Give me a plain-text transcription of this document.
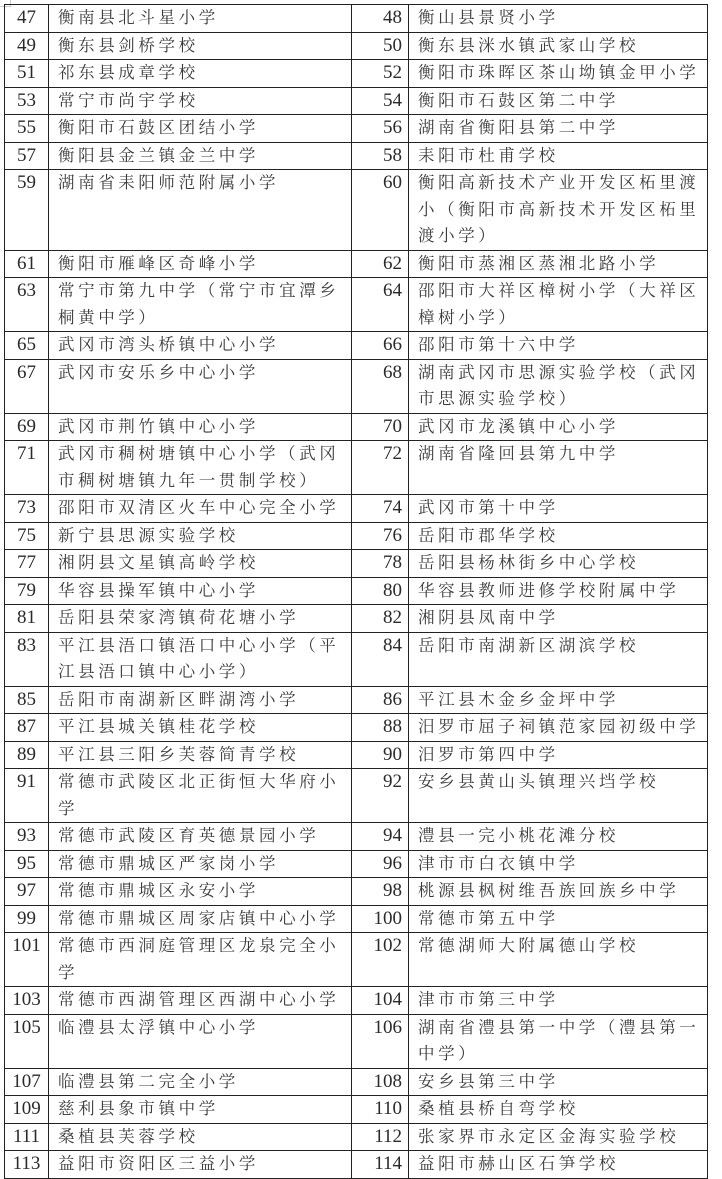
47	衡南县北斗星小学	48	衡山县景贤小学
49	衡东县剑桥学校	50	衡东县洣水镇武家山学校
51	祁东县成章学校	52	衡阳市珠晖区茶山坳镇金甲小学
53	常宁市尚宇学校	54	衡阳市石鼓区第二中学
55	衡阳市石鼓区团结小学	56	湖南省衡阳县第二中学
57	衡阳县金兰镇金兰中学	58	耒阳市杜甫学校
59	湖南省耒阳师范附属小学	60	衡阳高新技术产业开发区柘里渡小（衡阳市高新技术开发区柘里渡小学）
61	衡阳市雁峰区奇峰小学	62	衡阳市蒸湘区蒸湘北路小学
63	常宁市第九中学（常宁市宜潭乡桐黄中学）	64	邵阳市大祥区樟树小学（大祥区樟树小学）
65	武冈市湾头桥镇中心小学	66	邵阳市第十六中学
67	武冈市安乐乡中心小学	68	湖南武冈市思源实验学校（武冈市思源实验学校）
69	武冈市荆竹镇中心小学	70	武冈市龙溪镇中心小学
71	武冈市稠树塘镇中心小学（武冈市稠树塘镇九年一贯制学校）	72	湖南省隆回县第九中学
73	邵阳市双清区火车中心完全小学	74	武冈市第十中学
75	新宁县思源实验学校	76	岳阳市郡华学校
77	湘阴县文星镇高岭学校	78	岳阳县杨林街乡中心学校
79	华容县操军镇中心小学	80	华容县教师进修学校附属中学
81	岳阳县荣家湾镇荷花塘小学	82	湘阴县凤南中学
83	平江县浯口镇浯口中心小学（平江县浯口镇中心小学）	84	岳阳市南湖新区湖滨学校
85	岳阳市南湖新区畔湖湾小学	86	平江县木金乡金坪中学
87	平江县城关镇桂花学校	88	汨罗市屈子祠镇范家园初级中学
89	平江县三阳乡芙蓉简青学校	90	汨罗市第四中学
91	常德市武陵区北正街恒大华府小学	92	安乡县黄山头镇理兴垱学校
93	常德市武陵区育英德景园小学	94	澧县一完小桃花滩分校
95	常德市鼎城区严家岗小学	96	津市市白衣镇中学
97	常德市鼎城区永安小学	98	桃源县枫树维吾族回族乡中学
99	常德市鼎城区周家店镇中心小学	100	常德市第五中学
101	常德市西洞庭管理区龙泉完全小学	102	常德湖师大附属德山学校
103	常德市西湖管理区西湖中心小学	104	津市市第三中学
105	临澧县太浮镇中心小学	106	湖南省澧县第一中学（澧县第一中学）
107	临澧县第二完全小学	108	安乡县第三中学
109	慈利县象市镇中学	110	桑植县桥自弯学校
111	桑植县芙蓉学校	112	张家界市永定区金海实验学校
113	益阳市资阳区三益小学	114	益阳市赫山区石笋学校
